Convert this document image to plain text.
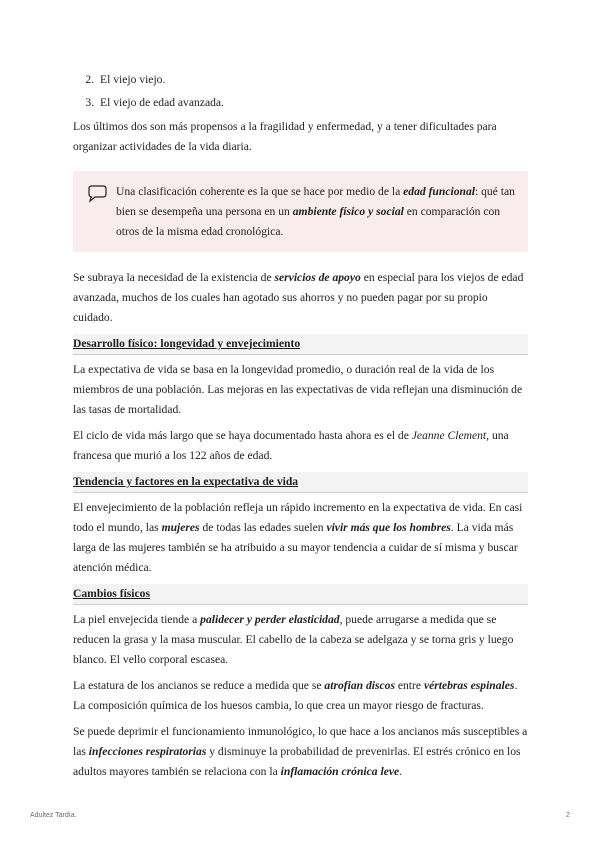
2. El viejo viejo.
3. El viejo de edad avanzada.

Los últimos dos son más propensos a la fragilidad y enfermedad, y a tener dificultades para organizar actividades de la vida diaria.

Una clasificación coherente es la que se hace por medio de la edad funcional: qué tan bien se desempeña una persona en un ambiente físico y social en comparación con otros de la misma edad cronológica.

Se subraya la necesidad de la existencia de servicios de apoyo en especial para los viejos de edad avanzada, muchos de los cuales han agotado sus ahorros y no pueden pagar por su propio cuidado.

Desarrollo físico: longevidad y envejecimiento

La expectativa de vida se basa en la longevidad promedio, o duración real de la vida de los miembros de una población. Las mejoras en las expectativas de vida reflejan una disminución de las tasas de mortalidad.

El ciclo de vida más largo que se haya documentado hasta ahora es el de Jeanne Clement, una francesa que murió a los 122 años de edad.

Tendencia y factores en la expectativa de vida

El envejecimiento de la población refleja un rápido incremento en la expectativa de vida. En casi todo el mundo, las mujeres de todas las edades suelen vivir más que los hombres. La vida más larga de las mujeres también se ha atribuido a su mayor tendencia a cuidar de sí misma y buscar atención médica.

Cambios físicos

La piel envejecida tiende a palidecer y perder elasticidad, puede arrugarse a medida que se reducen la grasa y la masa muscular. El cabello de la cabeza se adelgaza y se torna gris y luego blanco. El vello corporal escasea.

La estatura de los ancianos se reduce a medida que se atrofian discos entre vértebras espinales. La composición química de los huesos cambia, lo que crea un mayor riesgo de fracturas.

Se puede deprimir el funcionamiento inmunológico, lo que hace a los ancianos más susceptibles a las infecciones respiratorias y disminuye la probabilidad de prevenirlas. El estrés crónico en los adultos mayores también se relaciona con la inflamación crónica leve.

Adultez Tardía.	2
